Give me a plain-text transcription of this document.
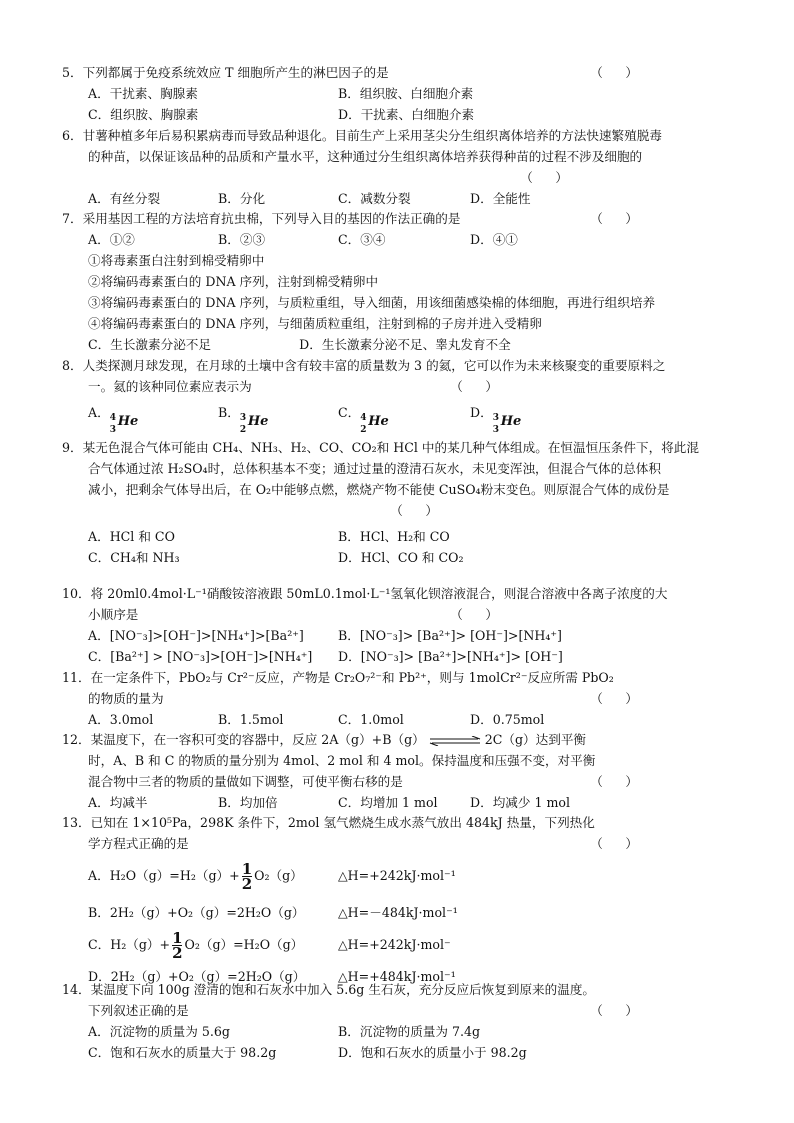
5．下列都属于免疫系统效应 T 细胞所产生的淋巴因子的是	（　 ）
A．干扰素、胸腺素	B．组织胺、白细胞介素
C．组织胺、胸腺素	D．干扰素、白细胞介素
6．甘薯种植多年后易积累病毒而导致品种退化。目前生产上采用茎尖分生组织离体培养的方法快速繁殖脱毒
的种苗，以保证该品种的品质和产量水平，这种通过分生组织离体培养获得种苗的过程不涉及细胞的
（　 ）
A．有丝分裂	B．分化	C．减数分裂	D．全能性
7．采用基因工程的方法培育抗虫棉，下列导入目的基因的作法正确的是	（　 ）
A．①②	B．②③	C．③④	D．④①
①将毒素蛋白注射到棉受精卵中
②将编码毒素蛋白的 DNA 序列，注射到棉受精卵中
③将编码毒素蛋白的 DNA 序列，与质粒重组，导入细菌，用该细菌感染棉的体细胞，再进行组织培养
④将编码毒素蛋白的 DNA 序列，与细菌质粒重组，注射到棉的子房并进入受精卵
C．生长激素分泌不足　　　　　　　D．生长激素分泌不足、睾丸发育不全
8．人类探测月球发现，在月球的土壤中含有较丰富的质量数为 3 的氦，它可以作为未来核聚变的重要原料之
一。氦的该种同位素应表示为	（　 ）
A． 4
3
He
B． 3
2
He
C． 4
2
He
D． 3
3
He
9．某无色混合气体可能由 CH₄、NH₃、H₂、CO、CO₂和 HCl 中的某几种气体组成。在恒温恒压条件下，将此混
合气体通过浓 H₂SO₄时，总体积基本不变；通过过量的澄清石灰水，未见变浑浊，但混合气体的总体积
减小，把剩余气体导出后，在 O₂中能够点燃，燃烧产物不能使 CuSO₄粉末变色。则原混合气体的成份是
（　 ）
A．HCl 和 CO	B．HCl、H₂和 CO
C．CH₄和 NH₃	D．HCl、CO 和 CO₂
10．将 20ml0.4mol·L⁻¹硝酸铵溶液跟 50mL0.1mol·L⁻¹氢氧化钡溶液混合，则混合溶液中各离子浓度的大
小顺序是	（　 ）
A．[NO⁻₃]>[OH⁻]>[NH₄⁺]>[Ba²⁺]	B．[NO⁻₃]> [Ba²⁺]> [OH⁻]>[NH₄⁺]
C．[Ba²⁺] > [NO⁻₃]>[OH⁻]>[NH₄⁺] D．[NO⁻₃]> [Ba²⁺]>[NH₄⁺]> [OH⁻]
11．在一定条件下，PbO₂与 Cr²⁻反应，产物是 Cr₂O₇²⁻和 Pb²⁺，则与 1molCr²⁻反应所需 PbO₂
的物质的量为	（　 ）
A．3.0mol	B．1.5mol	C．1.0mol	D．0.75mol
12．某温度下，在一容积可变的容器中，反应 2A（g）+B（g）	2C（g）达到平衡
时，A、B 和 C 的物质的量分别为 4mol、2 mol 和 4 mol。保持温度和压强不变，对平衡
混合物中三者的物质的量做如下调整，可使平衡右移的是	（　 ）
A．均减半	B．均加倍	C．均增加 1 mol	D．均减少 1 mol
13．已知在 1×10⁵Pa，298K 条件下，2mol 氢气燃烧生成水蒸气放出 484kJ 热量，下列热化
学方程式正确的是	（　 ）
A．$H_2O(g)=H_2(g)+ \frac{1}{2} O_2(g)$	△H=+242kJ·mol⁻¹
B．2H₂（g）+O₂（g）=2H₂O（g）	△H=－484kJ·mol⁻¹
C．$H_2(g)+ \frac{1}{2} O_2(g)=H_2O(g)$	△H=+242kJ·mol⁻
D．2H₂（g）+O₂（g）=2H₂O（g）	△H=+484kJ·mol⁻¹
14．某温度下向 100g 澄清的饱和石灰水中加入 5.6g 生石灰，充分反应后恢复到原来的温度。
下列叙述正确的是	（　 ）
A．沉淀物的质量为 5.6g	B．沉淀物的质量为 7.4g
C．饱和石灰水的质量大于 98.2g	D．饱和石灰水的质量小于 98.2g
